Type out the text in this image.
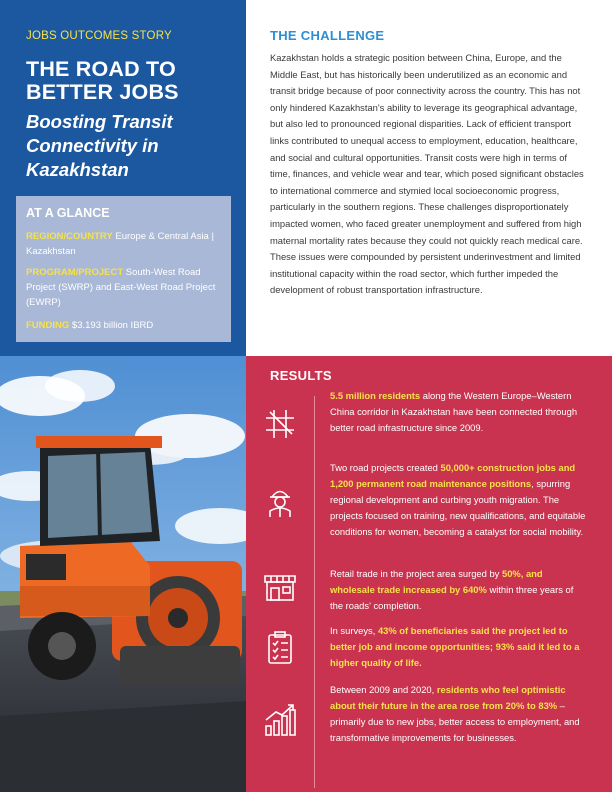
JOBS OUTCOMES STORY
THE ROAD TO BETTER JOBS
Boosting Transit Connectivity in Kazakhstan
AT A GLANCE
REGION/COUNTRY Europe & Central Asia | Kazakhstan
PROGRAM/PROJECT South-West Road Project (SWRP) and East-West Road Project (EWRP)
FUNDING $3.193 billion IBRD
THE CHALLENGE
Kazakhstan holds a strategic position between China, Europe, and the Middle East, but has historically been underutilized as an economic and transit bridge because of poor connectivity across the country. This has not only hindered Kazakhstan's ability to leverage its geographical advantage, but also led to pronounced regional disparities. Lack of efficient transport links contributed to unequal access to employment, education, healthcare, and social and cultural opportunities. Transit costs were high in terms of time, finances, and vehicle wear and tear, which posed significant obstacles to international commerce and stymied local socioeconomic progress, particularly in the southern regions. These challenges disproportionately impacted women, who faced greater unemployment and suffered from high maternal mortality rates because they could not quickly reach medical care. These issues were compounded by persistent underinvestment and limited institutional capacity within the road sector, which further impeded the development of robust transportation infrastructure.
RESULTS
5.5 million residents along the Western Europe–Western China corridor in Kazakhstan have been connected through better road infrastructure since 2009.
Two road projects created 50,000+ construction jobs and 1,200 permanent road maintenance positions, spurring regional development and curbing youth migration. The projects focused on training, new qualifications, and equitable conditions for women, becoming a catalyst for social mobility.
Retail trade in the project area surged by 50%, and wholesale trade increased by 640% within three years of the roads' completion.
In surveys, 43% of beneficiaries said the project led to better job and income opportunities; 93% said it led to a higher quality of life.
Between 2009 and 2020, residents who feel optimistic about their future in the area rose from 20% to 83% – primarily due to new jobs, better access to employment, and transformative improvements for businesses.
